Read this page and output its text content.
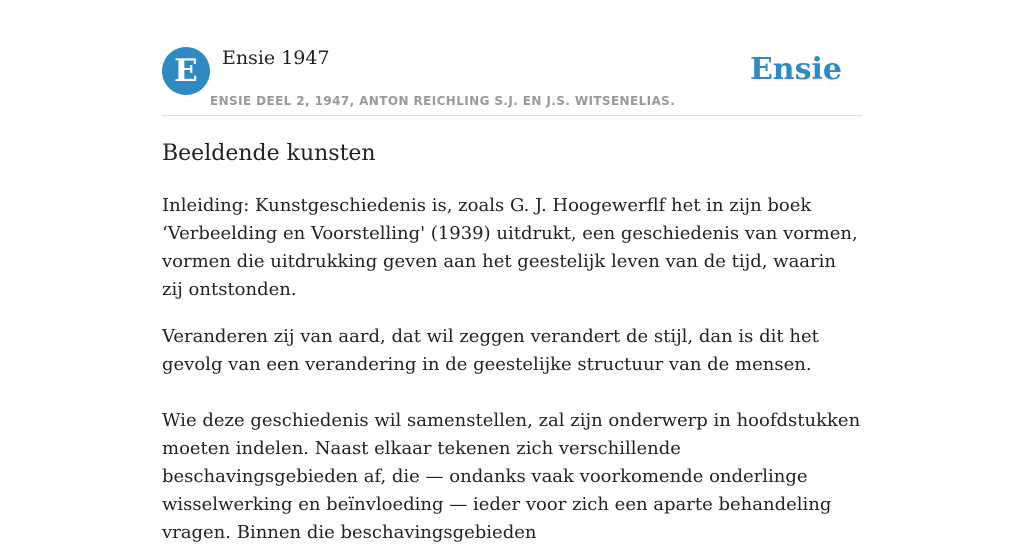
E	Ensie 1947
ENSIE DEEL 2, 1947, ANTON REICHLING S.J. EN J.S. WITSENELIAS.
Ensie
Beeldende kunsten

Inleiding: Kunstgeschiedenis is, zoals G. J. Hoogewerflf het in zijn boek ‘Verbeelding en Voorstelling' (1939) uitdrukt, een geschiedenis van vormen, vormen die uitdrukking geven aan het geestelijk leven van de tijd, waarin zij ontstonden.

Veranderen zij van aard, dat wil zeggen verandert de stijl, dan is dit het gevolg van een verandering in de geestelijke structuur van de mensen.

Wie deze geschiedenis wil samenstellen, zal zijn onderwerp in hoofdstukken moeten indelen. Naast elkaar tekenen zich verschillende beschavingsgebieden af, die — ondanks vaak voorkomende onderlinge wisselwerking en beïnvloeding — ieder voor zich een aparte behandeling vragen. Binnen die beschavingsgebieden
